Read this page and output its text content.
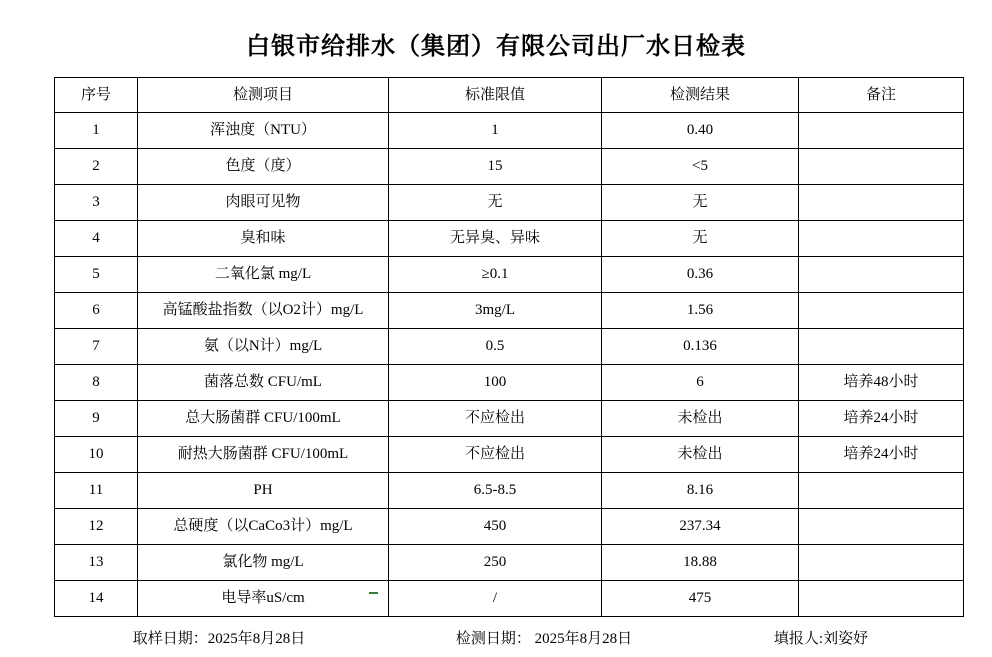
白银市给排水（集团）有限公司出厂水日检表
序号	检测项目	标准限值	检测结果	备注
1	浑浊度（NTU）	1	0.40	
2	色度（度）	15	<5	
3	肉眼可见物	无	无	
4	臭和味	无异臭、异味	无	
5	二氧化氯 mg/L	≥0.1	0.36	
6	高锰酸盐指数（以O2计）mg/L	3mg/L	1.56	
7	氨（以N计）mg/L	0.5	0.136	
8	菌落总数 CFU/mL	100	6	培养48小时
9	总大肠菌群 CFU/100mL	不应检出	未检出	培养24小时
10	耐热大肠菌群 CFU/100mL	不应检出	未检出	培养24小时
11	PH	6.5-8.5	8.16	
12	总硬度（以CaCo3计）mg/L	450	237.34	
13	氯化物 mg/L	250	18.88	
14	电导率uS/cm	/	475	
取样日期：2025年8月28日	检测日期： 2025年8月28日	填报人:刘姿妤
